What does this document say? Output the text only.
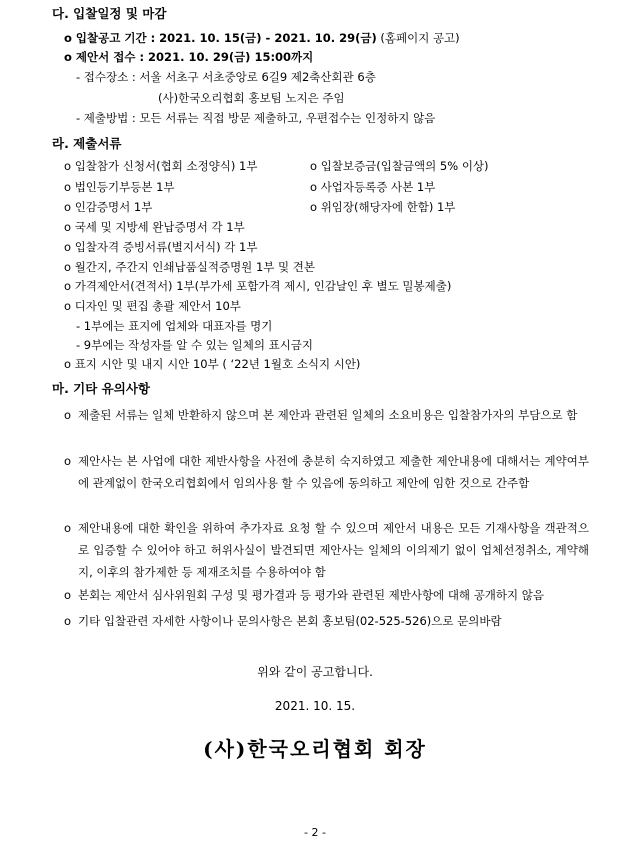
다. 입찰일정 및 마감
o 입찰공고 기간 : 2021. 10. 15(금) - 2021. 10. 29(금) (홈페이지 공고)
o 제안서 접수 : 2021. 10. 29(금) 15:00까지
- 접수장소 : 서울 서초구 서초중앙로 6길9 제2축산회관 6층
(사)한국오리협회 홍보팀 노지은 주임
- 제출방법 : 모든 서류는 직접 방문 제출하고, 우편접수는 인정하지 않음
라. 제출서류
o 입찰참가 신청서(협회 소정양식) 1부	o 입찰보증금(입찰금액의 5% 이상)
o 법인등기부등본 1부	o 사업자등록증 사본 1부
o 인감증명서 1부	o 위임장(해당자에 한함) 1부
o 국세 및 지방세 완납증명서 각 1부
o 입찰자격 증빙서류(별지서식) 각 1부
o 월간지, 주간지 인쇄납품실적증명원 1부 및 견본
o 가격제안서(견적서) 1부(부가세 포함가격 제시, 인감날인 후 별도 밀봉제출)
o 디자인 및 편집 총괄 제안서 10부
- 1부에는 표지에 업체와 대표자를 명기
- 9부에는 작성자를 알 수 있는 일체의 표시금지
o 표지 시안 및 내지 시안 10부 ( ‘22년 1월호 소식지 시안)
마. 기타 유의사항
o 제출된 서류는 일체 반환하지 않으며 본 제안과 관련된 일체의 소요비용은 입찰참가자의 부담으로 함
o 제안사는 본 사업에 대한 제반사항을 사전에 충분히 숙지하였고 제출한 제안내용에 대해서는 계약여부에 관계없이 한국오리협회에서 임의사용 할 수 있음에 동의하고 제안에 임한 것으로 간주함
o 제안내용에 대한 확인을 위하여 추가자료 요청 할 수 있으며 제안서 내용은 모든 기재사항을 객관적으로 입증할 수 있어야 하고 허위사실이 발견되면 제안사는 일체의 이의제기 없이 업체선정취소, 계약해지, 이후의 참가제한 등 제재조치를 수용하여야 함
o 본회는 제안서 심사위원회 구성 및 평가결과 등 평가와 관련된 제반사항에 대해 공개하지 않음
o 기타 입찰관련 자세한 사항이나 문의사항은 본회 홍보팀(02-525-526)으로 문의바람
위와 같이 공고합니다.
2021. 10. 15.
(사)한국오리협회 회장
- 2 -
